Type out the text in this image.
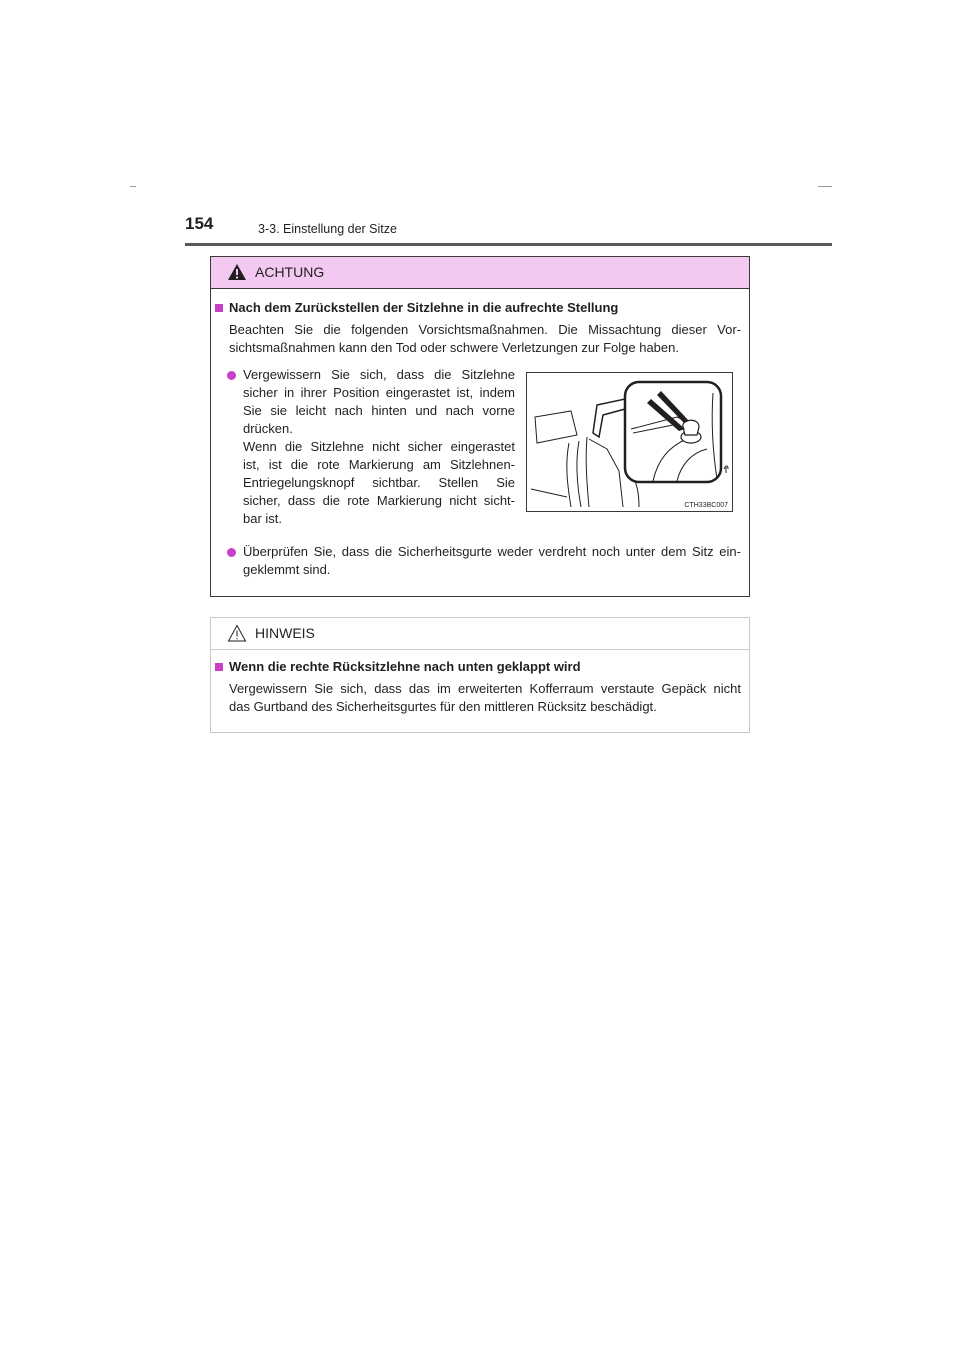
154	3-3. Einstellung der Sitze
ACHTUNG
Nach dem Zurückstellen der Sitzlehne in die aufrechte Stellung
Beachten Sie die folgenden Vorsichtsmaßnahmen. Die Missachtung dieser Vor-
sichtsmaßnahmen kann den Tod oder schwere Verletzungen zur Folge haben.
Vergewissern Sie sich, dass die Sitzlehne
sicher in ihrer Position eingerastet ist, indem
Sie sie leicht nach hinten und nach vorne
drücken.
Wenn die Sitzlehne nicht sicher eingerastet
ist, ist die rote Markierung am Sitzlehnen-
Entriegelungsknopf sichtbar. Stellen Sie
sicher, dass die rote Markierung nicht sicht-
bar ist.
CTH33BC007
Überprüfen Sie, dass die Sicherheitsgurte weder verdreht noch unter dem Sitz ein-
geklemmt sind.
HINWEIS
Wenn die rechte Rücksitzlehne nach unten geklappt wird
Vergewissern Sie sich, dass das im erweiterten Kofferraum verstaute Gepäck nicht
das Gurtband des Sicherheitsgurtes für den mittleren Rücksitz beschädigt.
